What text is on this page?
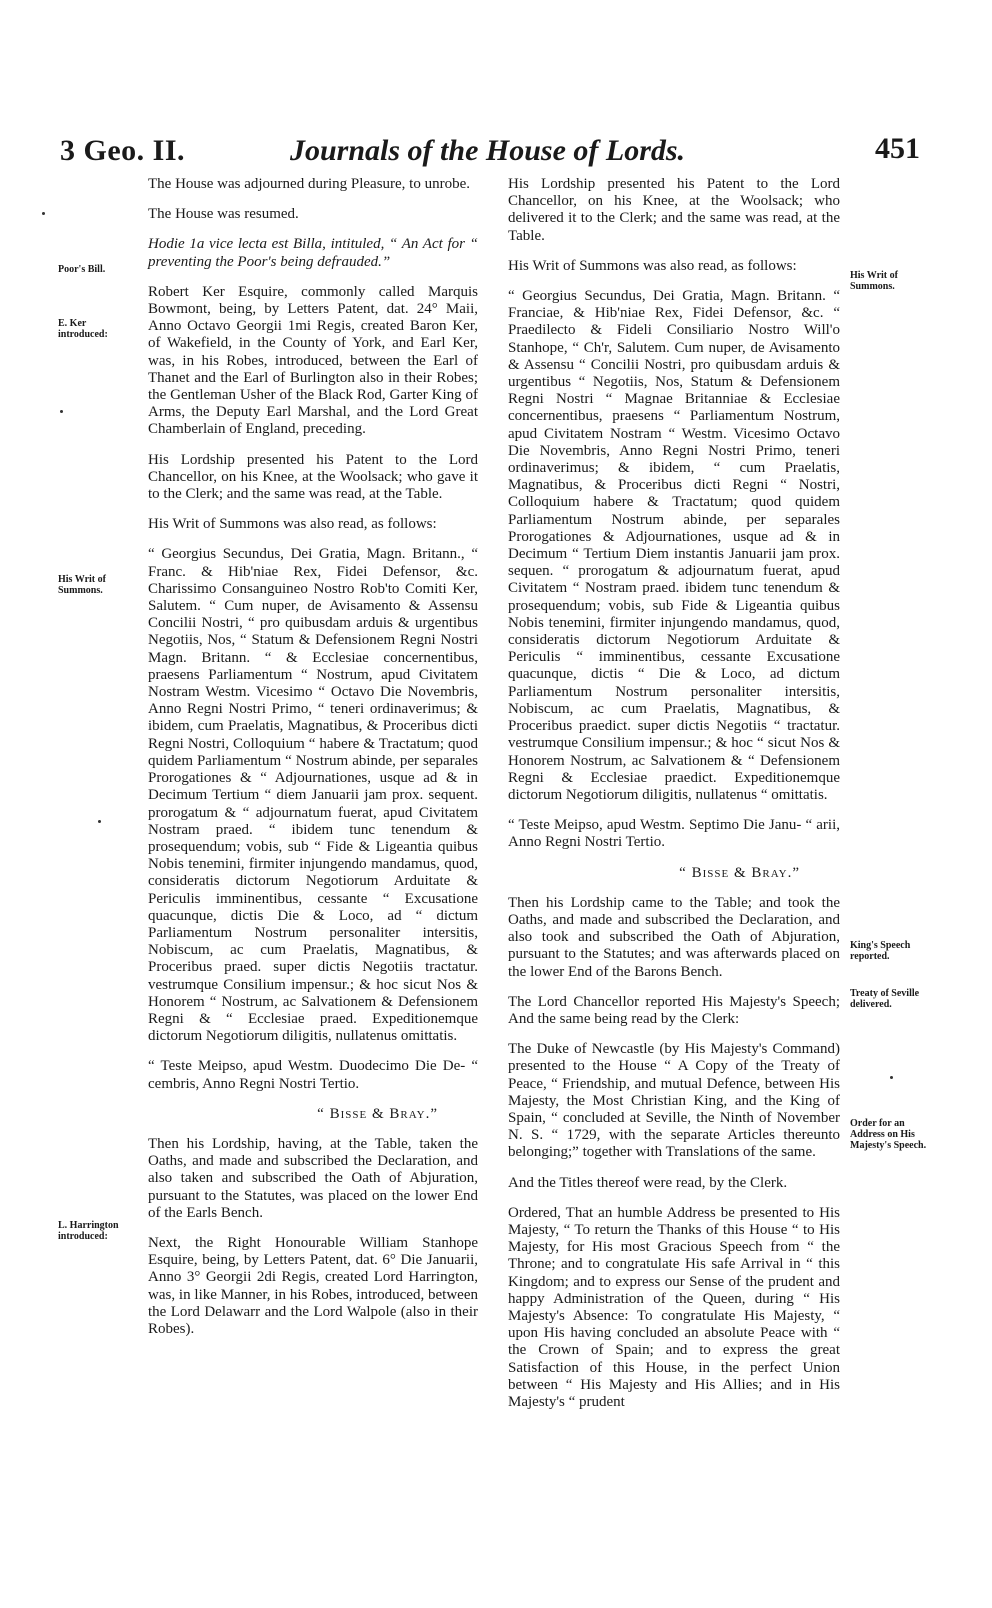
3 Geo. II.	Journals of the House of Lords.	451
Poor's Bill.
E. Ker introduced:
His Writ of Summons.
L. Harrington introduced:
His Writ of Summons.
King's Speech reported.
Treaty of Seville delivered.
Order for an Address on His Majesty's Speech.

The House was adjourned during Pleasure, to unrobe.

The House was resumed.

Hodie 1a vice lecta est Billa, intituled, “ An Act for “ preventing the Poor's being defrauded.”

Robert Ker Esquire, commonly called Marquis Bowmont, being, by Letters Patent, dat. 24° Maii, Anno Octavo Georgii 1mi Regis, created Baron Ker, of Wakefield, in the County of York, and Earl Ker, was, in his Robes, introduced, between the Earl of Thanet and the Earl of Burlington also in their Robes; the Gentleman Usher of the Black Rod, Garter King of Arms, the Deputy Earl Marshal, and the Lord Great Chamberlain of England, preceding.

His Lordship presented his Patent to the Lord Chancellor, on his Knee, at the Woolsack; who gave it to the Clerk; and the same was read, at the Table.

His Writ of Summons was also read, as follows:

“ Georgius Secundus, Dei Gratia, Magn. Britann., “ Franc. & Hib'niae Rex, Fidei Defensor, &c. Charissimo Consanguineo Nostro Rob'to Comiti Ker, Salutem. “ Cum nuper, de Avisamento & Assensu Concilii Nostri, “ pro quibusdam arduis & urgentibus Negotiis, Nos, “ Statum & Defensionem Regni Nostri Magn. Britann. “ & Ecclesiae concernentibus, praesens Parliamentum “ Nostrum, apud Civitatem Nostram Westm. Vicesimo “ Octavo Die Novembris, Anno Regni Nostri Primo, “ teneri ordinaverimus; & ibidem, cum Praelatis, Magnatibus, & Proceribus dicti Regni Nostri, Colloquium “ habere & Tractatum; quod quidem Parliamentum “ Nostrum abinde, per separales Prorogationes & “ Adjournationes, usque ad & in Decimum Tertium “ diem Januarii jam prox. sequent. prorogatum & “ adjournatum fuerat, apud Civitatem Nostram praed. “ ibidem tunc tenendum & prosequendum; vobis, sub “ Fide & Ligeantia quibus Nobis tenemini, firmiter injungendo mandamus, quod, consideratis dictorum Negotiorum Arduitate & Periculis imminentibus, cessante “ Excusatione quacunque, dictis Die & Loco, ad “ dictum Parliamentum Nostrum personaliter intersitis, Nobiscum, ac cum Praelatis, Magnatibus, & Proceribus praed. super dictis Negotiis tractatur. vestrumque Consilium impensur.; & hoc sicut Nos & Honorem “ Nostrum, ac Salvationem & Defensionem Regni & “ Ecclesiae praed. Expeditionemque dictorum Negotiorum diligitis, nullatenus omittatis.

“ Teste Meipso, apud Westm. Duodecimo Die De- “ cembris, Anno Regni Nostri Tertio.

“ Bisse & Bray.”

Then his Lordship, having, at the Table, taken the Oaths, and made and subscribed the Declaration, and also taken and subscribed the Oath of Abjuration, pursuant to the Statutes, was placed on the lower End of the Earls Bench.

Next, the Right Honourable William Stanhope Esquire, being, by Letters Patent, dat. 6° Die Januarii, Anno 3° Georgii 2di Regis, created Lord Harrington, was, in like Manner, in his Robes, introduced, between the Lord Delawarr and the Lord Walpole (also in their Robes).

His Lordship presented his Patent to the Lord Chancellor, on his Knee, at the Woolsack; who delivered it to the Clerk; and the same was read, at the Table.

His Writ of Summons was also read, as follows:

“ Georgius Secundus, Dei Gratia, Magn. Britann. “ Franciae, & Hib'niae Rex, Fidei Defensor, &c. “ Praedilecto & Fideli Consiliario Nostro Will'o Stanhope, “ Ch'r, Salutem. Cum nuper, de Avisamento & Assensu “ Concilii Nostri, pro quibusdam arduis & urgentibus “ Negotiis, Nos, Statum & Defensionem Regni Nostri “ Magnae Britanniae & Ecclesiae concernentibus, praesens “ Parliamentum Nostrum, apud Civitatem Nostram “ Westm. Vicesimo Octavo Die Novembris, Anno Regni Nostri Primo, teneri ordinaverimus; & ibidem, “ cum Praelatis, Magnatibus, & Proceribus dicti Regni “ Nostri, Colloquium habere & Tractatum; quod quidem Parliamentum Nostrum abinde, per separales Prorogationes & Adjournationes, usque ad & in Decimum “ Tertium Diem instantis Januarii jam prox. sequen. “ prorogatum & adjournatum fuerat, apud Civitatem “ Nostram praed. ibidem tunc tenendum & prosequendum; vobis, sub Fide & Ligeantia quibus Nobis tenemini, firmiter injungendo mandamus, quod, consideratis dictorum Negotiorum Arduitate & Periculis “ imminentibus, cessante Excusatione quacunque, dictis “ Die & Loco, ad dictum Parliamentum Nostrum personaliter intersitis, Nobiscum, ac cum Praelatis, Magnatibus, & Proceribus praedict. super dictis Negotiis “ tractatur. vestrumque Consilium impensur.; & hoc “ sicut Nos & Honorem Nostrum, ac Salvationem & “ Defensionem Regni & Ecclesiae praedict. Expeditionemque dictorum Negotiorum diligitis, nullatenus “ omittatis.

“ Teste Meipso, apud Westm. Septimo Die Janu- “ arii, Anno Regni Nostri Tertio.

“ Bisse & Bray.”

Then his Lordship came to the Table; and took the Oaths, and made and subscribed the Declaration, and also took and subscribed the Oath of Abjuration, pursuant to the Statutes; and was afterwards placed on the lower End of the Barons Bench.

The Lord Chancellor reported His Majesty's Speech; And the same being read by the Clerk:

The Duke of Newcastle (by His Majesty's Command) presented to the House “ A Copy of the Treaty of Peace, “ Friendship, and mutual Defence, between His Majesty, the Most Christian King, and the King of Spain, “ concluded at Seville, the Ninth of November N. S. “ 1729, with the separate Articles thereunto belonging;” together with Translations of the same.

And the Titles thereof were read, by the Clerk.

Ordered, That an humble Address be presented to His Majesty, “ To return the Thanks of this House “ to His Majesty, for His most Gracious Speech from “ the Throne; and to congratulate His safe Arrival in “ this Kingdom; and to express our Sense of the prudent and happy Administration of the Queen, during “ His Majesty's Absence: To congratulate His Majesty, “ upon His having concluded an absolute Peace with “ the Crown of Spain; and to express the great Satisfaction of this House, in the perfect Union between “ His Majesty and His Allies; and in His Majesty's “ prudent
